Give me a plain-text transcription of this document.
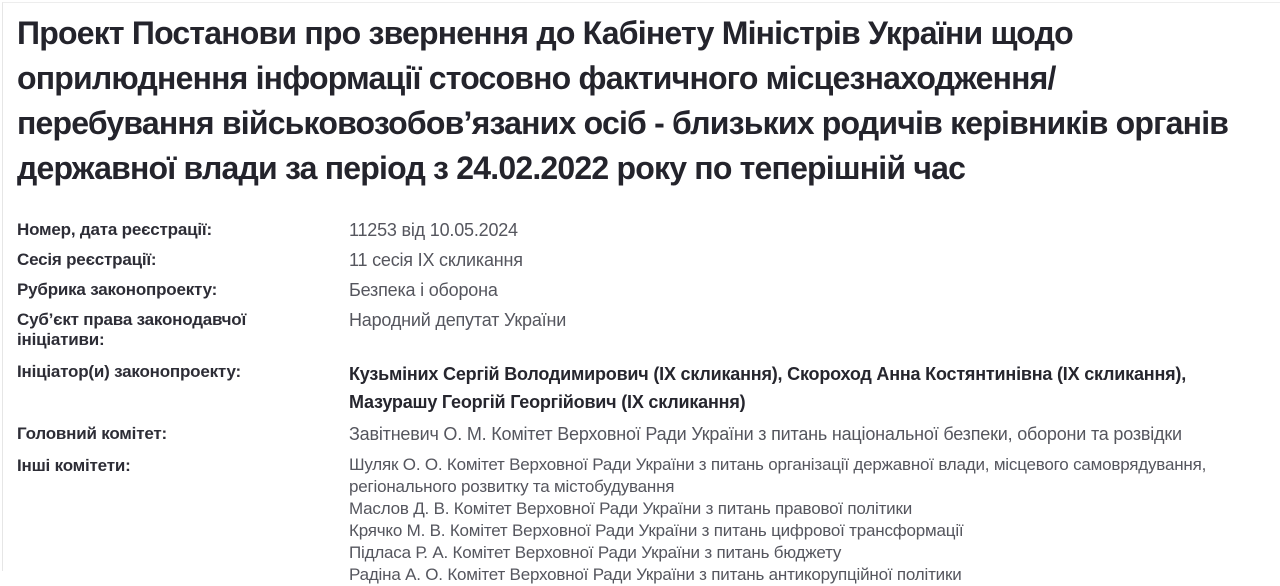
Проект Постанови про звернення до Кабінету Міністрів України щодо оприлюднення інформації стосовно фактичного місцезнаходження/перебування військовозобов’язаних осіб - близьких родичів керівників органів державної влади за період з 24.02.2022 року по теперішній час
Номер, дата реєстрації:	11253 від 10.05.2024
Сесія реєстрації:	11 сесія IX скликання
Рубрика законопроекту:	Безпека і оборона
Суб’єкт права законодавчої ініціативи:
Народний депутат України
Ініціатор(и) законопроекту:	Кузьміних Сергій Володимирович (IX скликання), Скороход Анна Костянтинівна (IX скликання), Мазурашу Георгій Георгійович (IX скликання)
Головний комітет:	Завітневич О. М. Комітет Верховної Ради України з питань національної безпеки, оборони та розвідки
Інші комітети:	Шуляк О. О. Комітет Верховної Ради України з питань організації державної влади, місцевого самоврядування, регіонального розвитку та містобудування
Маслов Д. В. Комітет Верховної Ради України з питань правової політики
Крячко М. В. Комітет Верховної Ради України з питань цифрової трансформації
Підласа Р. А. Комітет Верховної Ради України з питань бюджету
Радіна А. О. Комітет Верховної Ради України з питань антикорупційної політики
